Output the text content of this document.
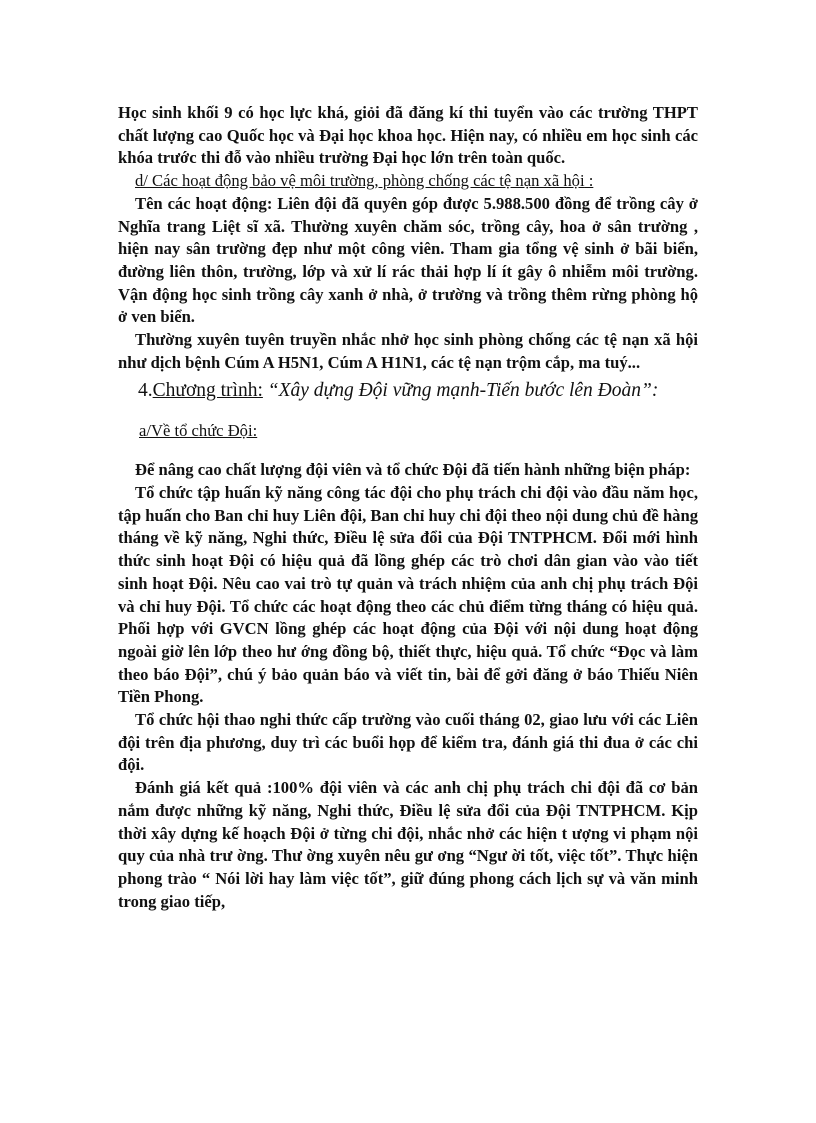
Học sinh khối 9 có học lực khá, giỏi đã đăng kí thi tuyển vào các trường THPT chất lượng cao Quốc học và Đại học khoa học. Hiện nay, có nhiều em học sinh các khóa trước thi đỗ vào nhiều trường Đại học lớn trên toàn quốc.

d/ Các hoạt động bảo vệ môi trường, phòng chống các tệ nạn xã hội :

Tên các hoạt động: Liên đội đã quyên góp được 5.988.500 đồng để trồng cây ở Nghĩa trang Liệt sĩ xã. Thường xuyên chăm sóc, trồng cây, hoa ở sân trường , hiện nay sân trường đẹp như một công viên. Tham gia tổng vệ sinh ở bãi biển, đường liên thôn, trường, lớp và xử lí rác thải hợp lí ít gây ô nhiễm môi trường. Vận động học sinh trồng cây xanh ở nhà, ở trường và trồng thêm rừng phòng hộ ở ven biển.

Thường xuyên tuyên truyền nhắc nhở học sinh phòng chống các tệ nạn xã hội như dịch bệnh Cúm A H5N1, Cúm A H1N1, các tệ nạn trộm cắp, ma tuý...

4.Chương trình: “Xây dựng Đội vững mạnh-Tiến bước lên Đoàn”:

a/Về tổ chức Đội:

Để nâng cao chất lượng đội viên và tổ chức Đội đã tiến hành những biện pháp:

Tổ chức tập huấn kỹ năng công tác đội cho phụ trách chi đội vào đầu năm học, tập huấn cho Ban chỉ huy Liên đội, Ban chỉ huy chi đội theo nội dung chủ đề hàng tháng về kỹ năng, Nghi thức, Điều lệ sửa đổi của Đội TNTPHCM. Đổi mới hình thức sinh hoạt Đội có hiệu quả đã lồng ghép các trò chơi dân gian vào vào tiết sinh hoạt Đội. Nêu cao vai trò tự quản và trách nhiệm của anh chị phụ trách Đội và chỉ huy Đội. Tổ chức các hoạt động theo các chủ điểm từng tháng có hiệu quả. Phối hợp với GVCN lồng ghép các hoạt động của Đội với nội dung hoạt động ngoài giờ lên lớp theo hư ớng đồng bộ, thiết thực, hiệu quả. Tổ chức “Đọc và làm theo báo Đội”, chú ý bảo quản báo và viết tin, bài để gởi đăng ở báo Thiếu Niên Tiền Phong.

Tổ chức hội thao nghi thức cấp trường vào cuối tháng 02, giao lưu với các Liên đội trên địa phương, duy trì các buổi họp để kiểm tra, đánh giá thi đua ở các chi đội.

Đánh giá kết quả :100% đội viên và các anh chị phụ trách chi đội đã cơ bản nắm được những kỹ năng, Nghi thức, Điều lệ sửa đổi của Đội TNTPHCM. Kịp thời xây dựng kế hoạch Đội ở từng chi đội, nhắc nhở các hiện t ượng vi phạm nội quy của nhà trư ờng. Thư ờng xuyên nêu gư ơng “Ngư ời tốt, việc tốt”. Thực hiện phong trào “ Nói lời hay làm việc tốt”, giữ đúng phong cách lịch sự và văn minh trong giao tiếp,
